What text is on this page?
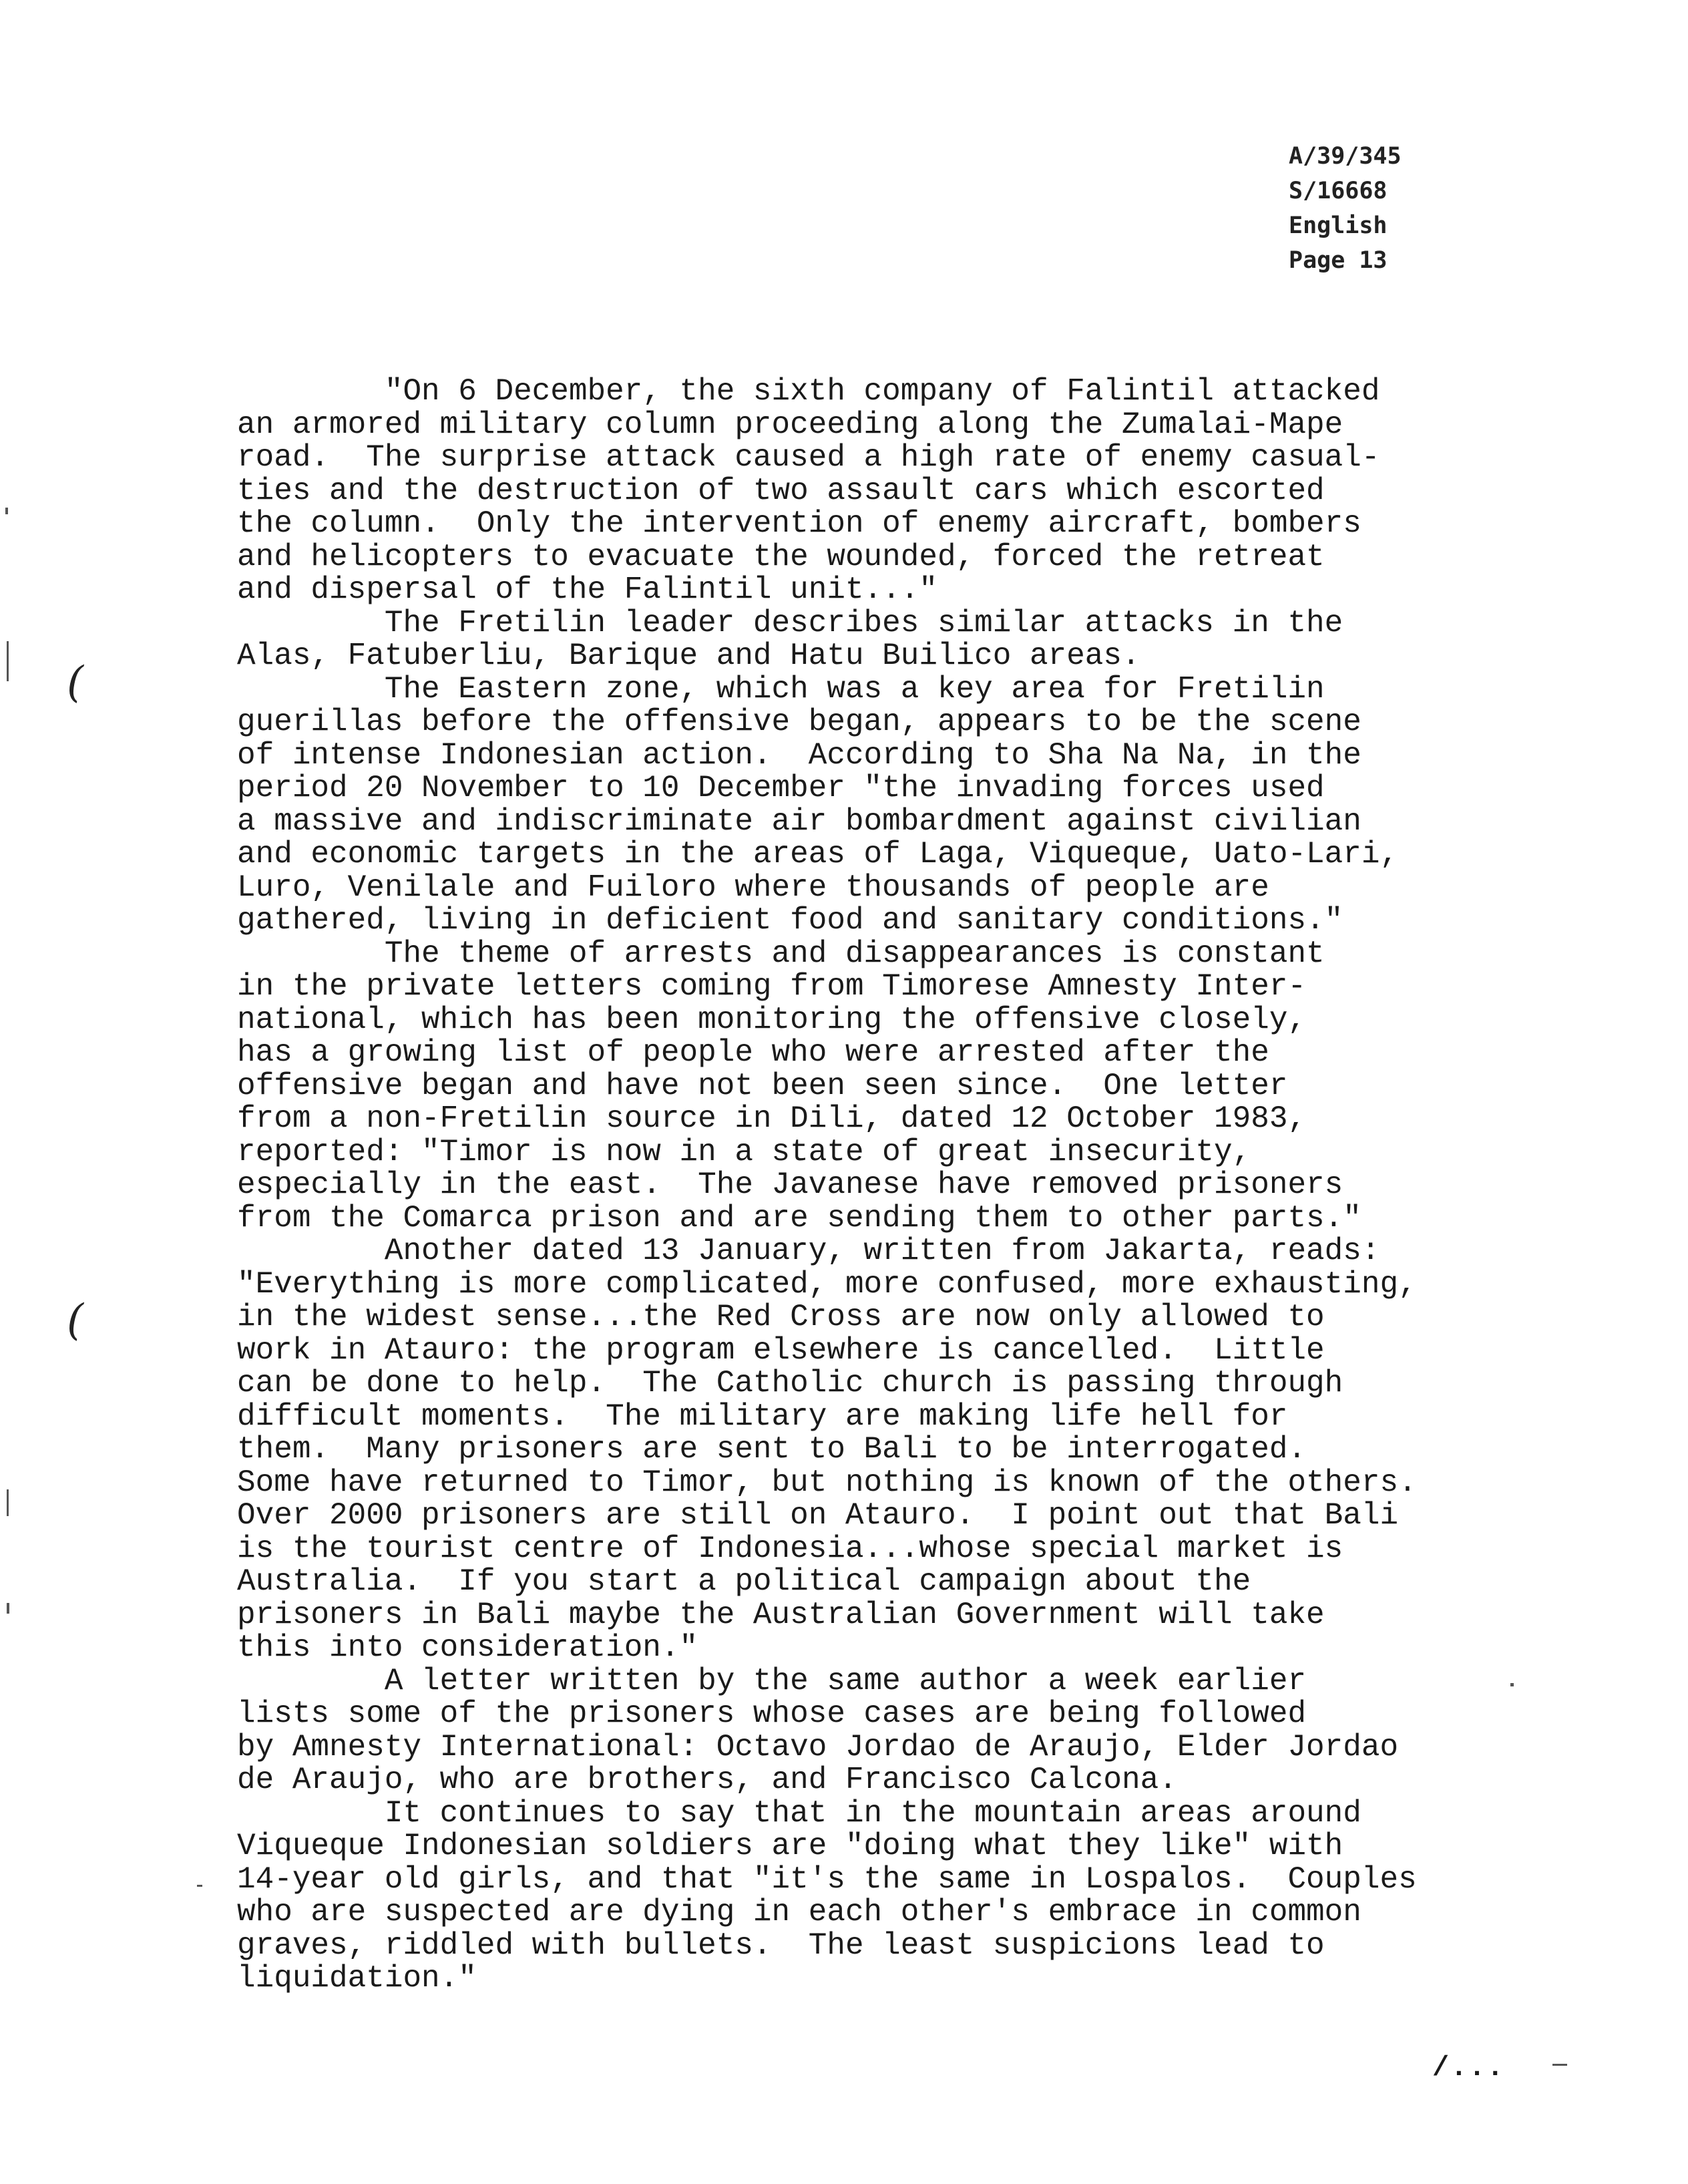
A/39/345
S/16668
English
Page 13
"On 6 December, the sixth company of Falintil attacked
an armored military column proceeding along the Zumalai-Mape
road.  The surprise attack caused a high rate of enemy casual-
ties and the destruction of two assault cars which escorted
the column.  Only the intervention of enemy aircraft, bombers
and helicopters to evacuate the wounded, forced the retreat
and dispersal of the Falintil unit..."
The Fretilin leader describes similar attacks in the
Alas, Fatuberliu, Barique and Hatu Builico areas.
The Eastern zone, which was a key area for Fretilin
guerillas before the offensive began, appears to be the scene
of intense Indonesian action.  According to Sha Na Na, in the
period 20 November to 10 December "the invading forces used
a massive and indiscriminate air bombardment against civilian
and economic targets in the areas of Laga, Viqueque, Uato-Lari,
Luro, Venilale and Fuiloro where thousands of people are
gathered, living in deficient food and sanitary conditions."
The theme of arrests and disappearances is constant
in the private letters coming from Timorese Amnesty Inter-
national, which has been monitoring the offensive closely,
has a growing list of people who were arrested after the
offensive began and have not been seen since.  One letter
from a non-Fretilin source in Dili, dated 12 October 1983,
reported: "Timor is now in a state of great insecurity,
especially in the east.  The Javanese have removed prisoners
from the Comarca prison and are sending them to other parts."
Another dated 13 January, written from Jakarta, reads:
"Everything is more complicated, more confused, more exhausting,
in the widest sense...the Red Cross are now only allowed to
work in Atauro: the program elsewhere is cancelled.  Little
can be done to help.  The Catholic church is passing through
difficult moments.  The military are making life hell for
them.  Many prisoners are sent to Bali to be interrogated.
Some have returned to Timor, but nothing is known of the others.
Over 2000 prisoners are still on Atauro.  I point out that Bali
is the tourist centre of Indonesia...whose special market is
Australia.  If you start a political campaign about the
prisoners in Bali maybe the Australian Government will take
this into consideration."
A letter written by the same author a week earlier
lists some of the prisoners whose cases are being followed
by Amnesty International: Octavo Jordao de Araujo, Elder Jordao
de Araujo, who are brothers, and Francisco Calcona.
It continues to say that in the mountain areas around
Viqueque Indonesian soldiers are "doing what they like" with
14-year old girls, and that "it's the same in Lospalos.  Couples
who are suspected are dying in each other's embrace in common
graves, riddled with bullets.  The least suspicions lead to
liquidation."
/...
(
(
